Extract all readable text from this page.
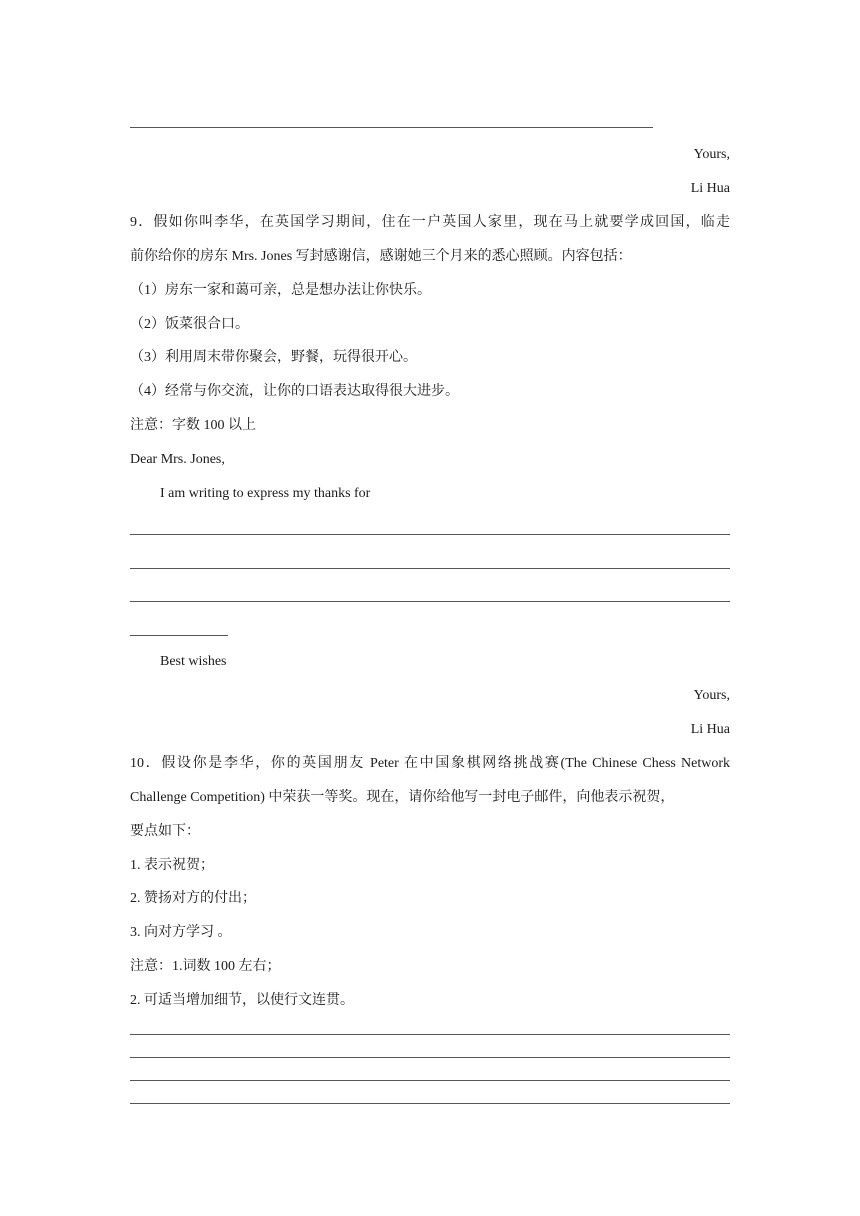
Yours,
Li Hua
9．假如你叫李华，在英国学习期间，住在一户英国人家里，现在马上就要学成回国，临走
前你给你的房东 Mrs. Jones 写封感谢信，感谢她三个月来的悉心照顾。内容包括：
（1）房东一家和蔼可亲，总是想办法让你快乐。
（2）饭菜很合口。
（3）利用周末带你聚会，野餐，玩得很开心。
（4）经常与你交流，让你的口语表达取得很大进步。
注意：字数 100 以上
Dear Mrs. Jones,
I am writing to express my thanks for
Best wishes
Yours,
Li Hua
10．假设你是李华，你的英国朋友 Peter 在中国象棋网络挑战赛(The Chinese Chess Network
Challenge Competition) 中荣获一等奖。现在，请你给他写一封电子邮件，向他表示祝贺，
要点如下：
1. 表示祝贺；
2. 赞扬对方的付出；
3. 向对方学习 。
注意：1.词数 100 左右；
2. 可适当增加细节，以使行文连贯。
